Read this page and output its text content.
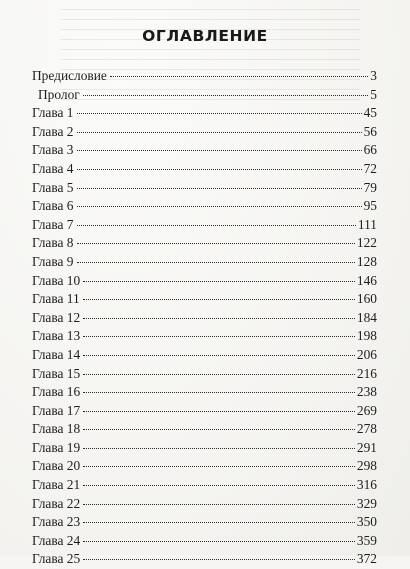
ОГЛАВЛЕНИЕ
Предисловие	3
Пролог	5
Глава 1	45
Глава 2	56
Глава 3	66
Глава 4	72
Глава 5	79
Глава 6	95
Глава 7	111
Глава 8	122
Глава 9	128
Глава 10	146
Глава 11	160
Глава 12	184
Глава 13	198
Глава 14	206
Глава 15	216
Глава 16	238
Глава 17	269
Глава 18	278
Глава 19	291
Глава 20	298
Глава 21	316
Глава 22	329
Глава 23	350
Глава 24	359
Глава 25	372
